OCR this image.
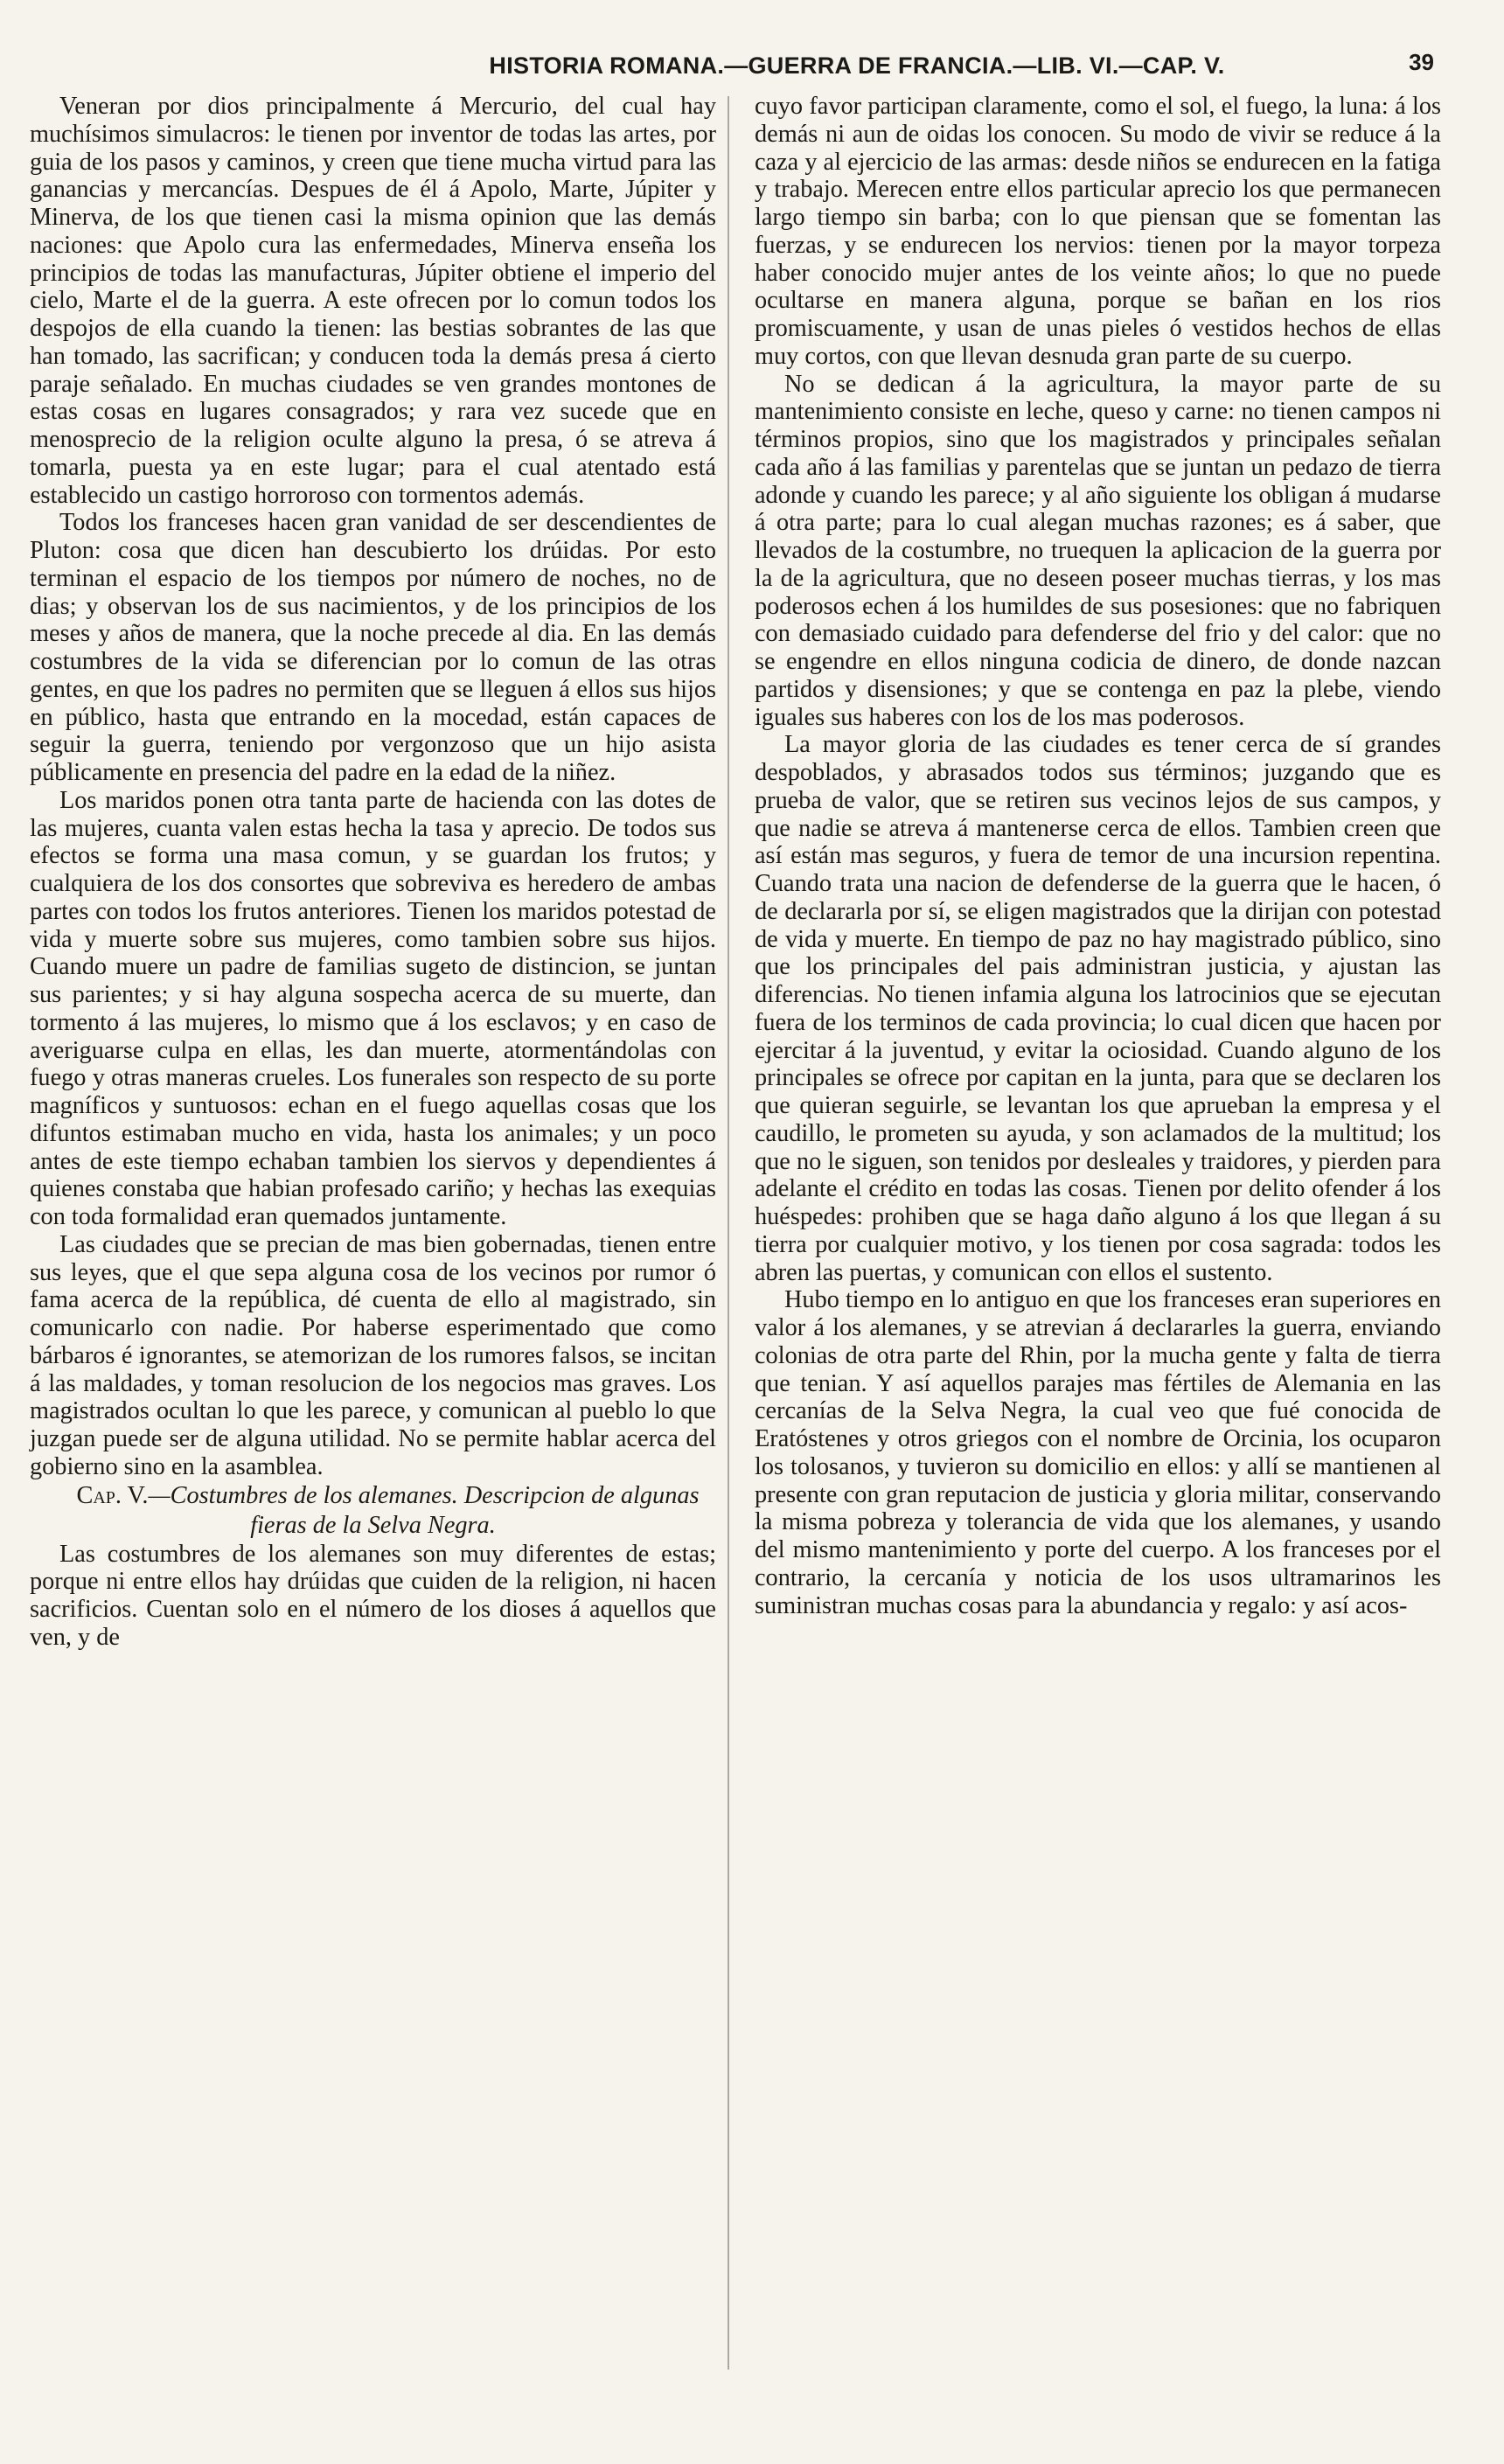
HISTORIA ROMANA.—GUERRA DE FRANCIA.—LIB. VI.—CAP. V.	39

Veneran por dios principalmente á Mercurio, del cual hay muchísimos simulacros: le tienen por inventor de todas las artes, por guia de los pasos y caminos, y creen que tiene mucha virtud para las ganancias y mercancías. Despues de él á Apolo, Marte, Júpiter y Minerva, de los que tienen casi la misma opinion que las demás naciones: que Apolo cura las enfermedades, Minerva enseña los principios de todas las manufacturas, Júpiter obtiene el imperio del cielo, Marte el de la guerra. A este ofrecen por lo comun todos los despojos de ella cuando la tienen: las bestias sobrantes de las que han tomado, las sacrifican; y conducen toda la demás presa á cierto paraje señalado. En muchas ciudades se ven grandes montones de estas cosas en lugares consagrados; y rara vez sucede que en menosprecio de la religion oculte alguno la presa, ó se atreva á tomarla, puesta ya en este lugar; para el cual atentado está establecido un castigo horroroso con tormentos además.

Todos los franceses hacen gran vanidad de ser descendientes de Pluton: cosa que dicen han descubierto los drúidas. Por esto terminan el espacio de los tiempos por número de noches, no de dias; y observan los de sus nacimientos, y de los principios de los meses y años de manera, que la noche precede al dia. En las demás costumbres de la vida se diferencian por lo comun de las otras gentes, en que los padres no permiten que se lleguen á ellos sus hijos en público, hasta que entrando en la mocedad, están capaces de seguir la guerra, teniendo por vergonzoso que un hijo asista públicamente en presencia del padre en la edad de la niñez.

Los maridos ponen otra tanta parte de hacienda con las dotes de las mujeres, cuanta valen estas hecha la tasa y aprecio. De todos sus efectos se forma una masa comun, y se guardan los frutos; y cualquiera de los dos consortes que sobreviva es heredero de ambas partes con todos los frutos anteriores. Tienen los maridos potestad de vida y muerte sobre sus mujeres, como tambien sobre sus hijos. Cuando muere un padre de familias sugeto de distincion, se juntan sus parientes; y si hay alguna sospecha acerca de su muerte, dan tormento á las mujeres, lo mismo que á los esclavos; y en caso de averiguarse culpa en ellas, les dan muerte, atormentándolas con fuego y otras maneras crueles. Los funerales son respecto de su porte magníficos y suntuosos: echan en el fuego aquellas cosas que los difuntos estimaban mucho en vida, hasta los animales; y un poco antes de este tiempo echaban tambien los siervos y dependientes á quienes constaba que habian profesado cariño; y hechas las exequias con toda formalidad eran quemados juntamente.

Las ciudades que se precian de mas bien gobernadas, tienen entre sus leyes, que el que sepa alguna cosa de los vecinos por rumor ó fama acerca de la república, dé cuenta de ello al magistrado, sin comunicarlo con nadie. Por haberse esperimentado que como bárbaros é ignorantes, se atemorizan de los rumores falsos, se incitan á las maldades, y toman resolucion de los negocios mas graves. Los magistrados ocultan lo que les parece, y comunican al pueblo lo que juzgan puede ser de alguna utilidad. No se permite hablar acerca del gobierno sino en la asamblea.

Cap. V.—Costumbres de los alemanes. Descripcion de algunas fieras de la Selva Negra.

Las costumbres de los alemanes son muy diferentes de estas; porque ni entre ellos hay drúidas que cuiden de la religion, ni hacen sacrificios. Cuentan solo en el número de los dioses á aquellos que ven, y de

cuyo favor participan claramente, como el sol, el fuego, la luna: á los demás ni aun de oidas los conocen. Su modo de vivir se reduce á la caza y al ejercicio de las armas: desde niños se endurecen en la fatiga y trabajo. Merecen entre ellos particular aprecio los que permanecen largo tiempo sin barba; con lo que piensan que se fomentan las fuerzas, y se endurecen los nervios: tienen por la mayor torpeza haber conocido mujer antes de los veinte años; lo que no puede ocultarse en manera alguna, porque se bañan en los rios promiscuamente, y usan de unas pieles ó vestidos hechos de ellas muy cortos, con que llevan desnuda gran parte de su cuerpo.

No se dedican á la agricultura, la mayor parte de su mantenimiento consiste en leche, queso y carne: no tienen campos ni términos propios, sino que los magistrados y principales señalan cada año á las familias y parentelas que se juntan un pedazo de tierra adonde y cuando les parece; y al año siguiente los obligan á mudarse á otra parte; para lo cual alegan muchas razones; es á saber, que llevados de la costumbre, no truequen la aplicacion de la guerra por la de la agricultura, que no deseen poseer muchas tierras, y los mas poderosos echen á los humildes de sus posesiones: que no fabriquen con demasiado cuidado para defenderse del frio y del calor: que no se engendre en ellos ninguna codicia de dinero, de donde nazcan partidos y disensiones; y que se contenga en paz la plebe, viendo iguales sus haberes con los de los mas poderosos.

La mayor gloria de las ciudades es tener cerca de sí grandes despoblados, y abrasados todos sus términos; juzgando que es prueba de valor, que se retiren sus vecinos lejos de sus campos, y que nadie se atreva á mantenerse cerca de ellos. Tambien creen que así están mas seguros, y fuera de temor de una incursion repentina. Cuando trata una nacion de defenderse de la guerra que le hacen, ó de declararla por sí, se eligen magistrados que la dirijan con potestad de vida y muerte. En tiempo de paz no hay magistrado público, sino que los principales del pais administran justicia, y ajustan las diferencias. No tienen infamia alguna los latrocinios que se ejecutan fuera de los terminos de cada provincia; lo cual dicen que hacen por ejercitar á la juventud, y evitar la ociosidad. Cuando alguno de los principales se ofrece por capitan en la junta, para que se declaren los que quieran seguirle, se levantan los que aprueban la empresa y el caudillo, le prometen su ayuda, y son aclamados de la multitud; los que no le siguen, son tenidos por desleales y traidores, y pierden para adelante el crédito en todas las cosas. Tienen por delito ofender á los huéspedes: prohiben que se haga daño alguno á los que llegan á su tierra por cualquier motivo, y los tienen por cosa sagrada: todos les abren las puertas, y comunican con ellos el sustento.

Hubo tiempo en lo antiguo en que los franceses eran superiores en valor á los alemanes, y se atrevian á declararles la guerra, enviando colonias de otra parte del Rhin, por la mucha gente y falta de tierra que tenian. Y así aquellos parajes mas fértiles de Alemania en las cercanías de la Selva Negra, la cual veo que fué conocida de Eratóstenes y otros griegos con el nombre de Orcinia, los ocuparon los tolosanos, y tuvieron su domicilio en ellos: y allí se mantienen al presente con gran reputacion de justicia y gloria militar, conservando la misma pobreza y tolerancia de vida que los alemanes, y usando del mismo mantenimiento y porte del cuerpo. A los franceses por el contrario, la cercanía y noticia de los usos ultramarinos les suministran muchas cosas para la abundancia y regalo: y así acos-
